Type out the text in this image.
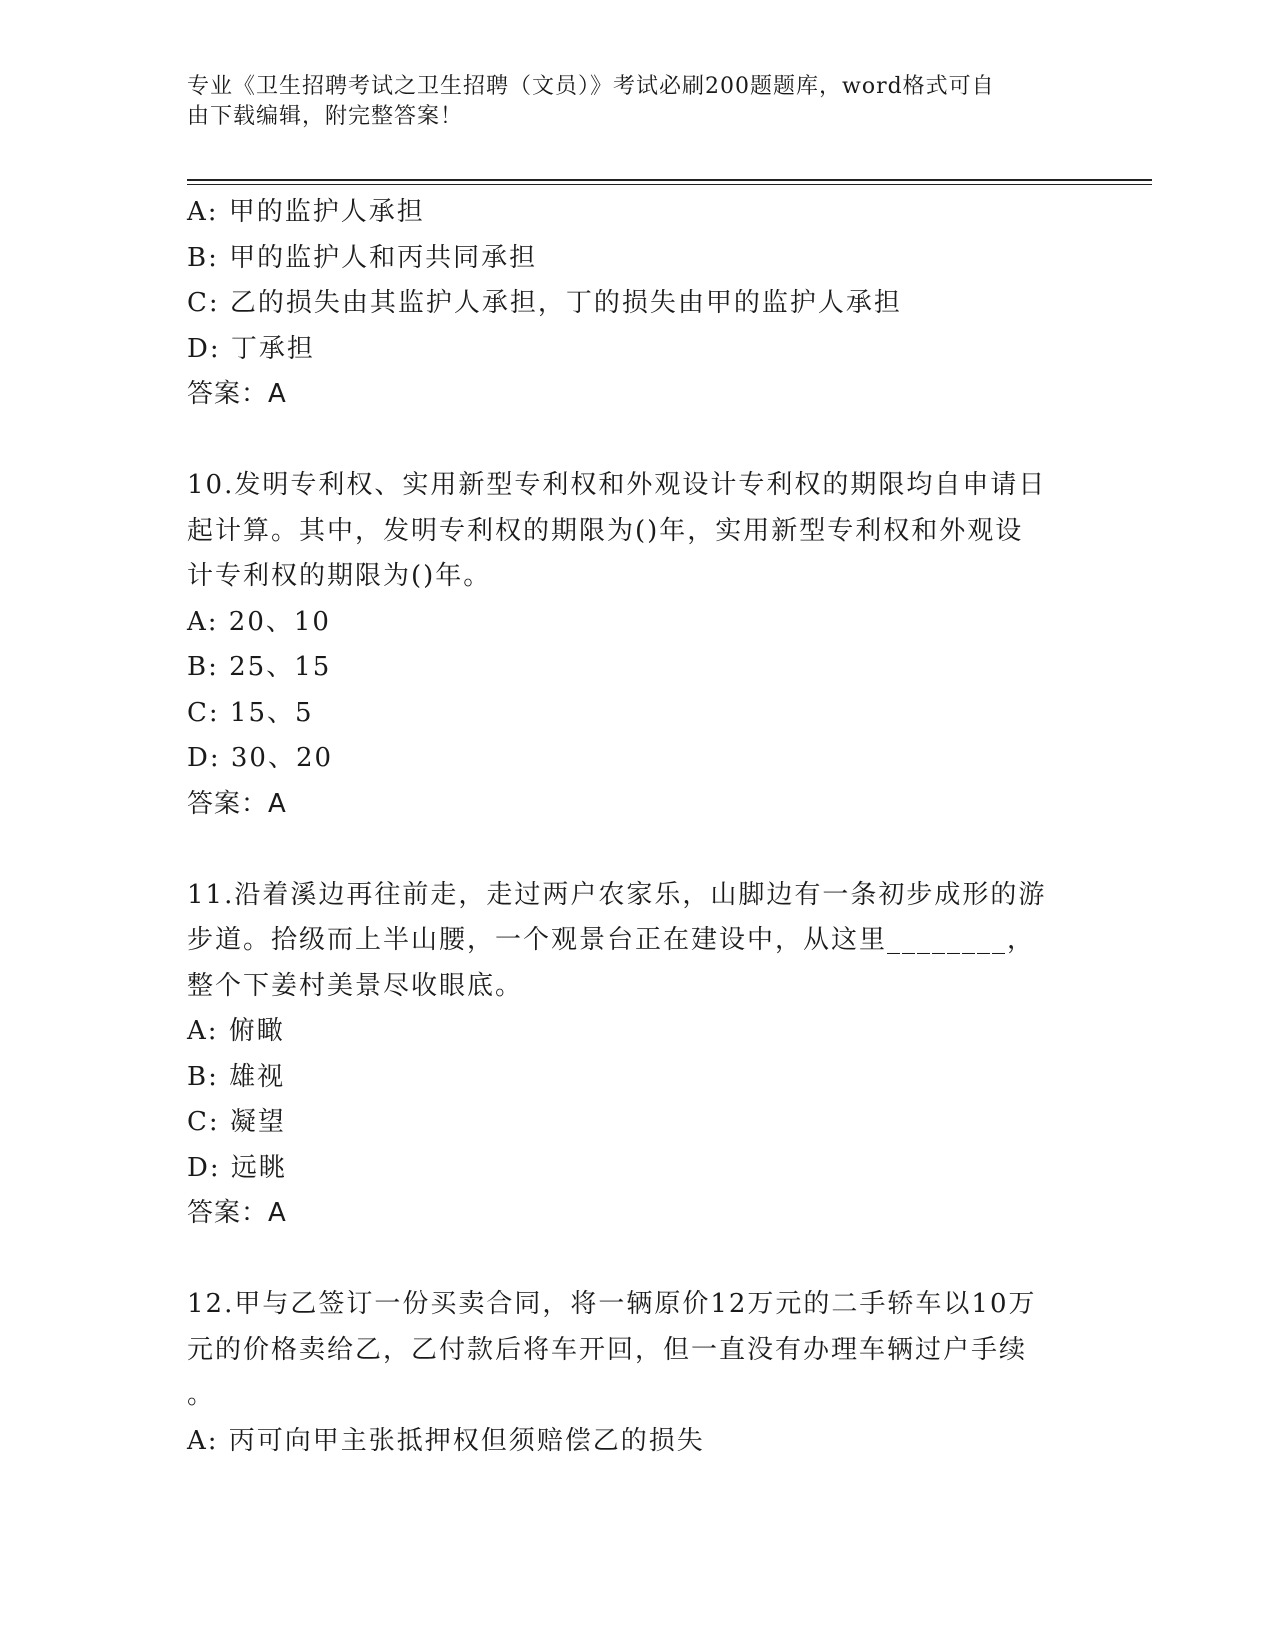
专业《卫生招聘考试之卫生招聘（文员）》考试必刷200题题库，word格式可自
由下载编辑，附完整答案！
A: 甲的监护人承担
B: 甲的监护人和丙共同承担
C: 乙的损失由其监护人承担，丁的损失由甲的监护人承担
D: 丁承担
答案：A
10.发明专利权、实用新型专利权和外观设计专利权的期限均自申请日
起计算。其中，发明专利权的期限为()年，实用新型专利权和外观设
计专利权的期限为()年。
A: 20、10
B: 25、15
C: 15、5
D: 30、20
答案：A
11.沿着溪边再往前走，走过两户农家乐，山脚边有一条初步成形的游
步道。拾级而上半山腰，一个观景台正在建设中，从这里________，
整个下姜村美景尽收眼底。
A: 俯瞰
B: 雄视
C: 凝望
D: 远眺
答案：A
12.甲与乙签订一份买卖合同，将一辆原价12万元的二手轿车以10万
元的价格卖给乙，乙付款后将车开回，但一直没有办理车辆过户手续
。
A: 丙可向甲主张抵押权但须赔偿乙的损失
